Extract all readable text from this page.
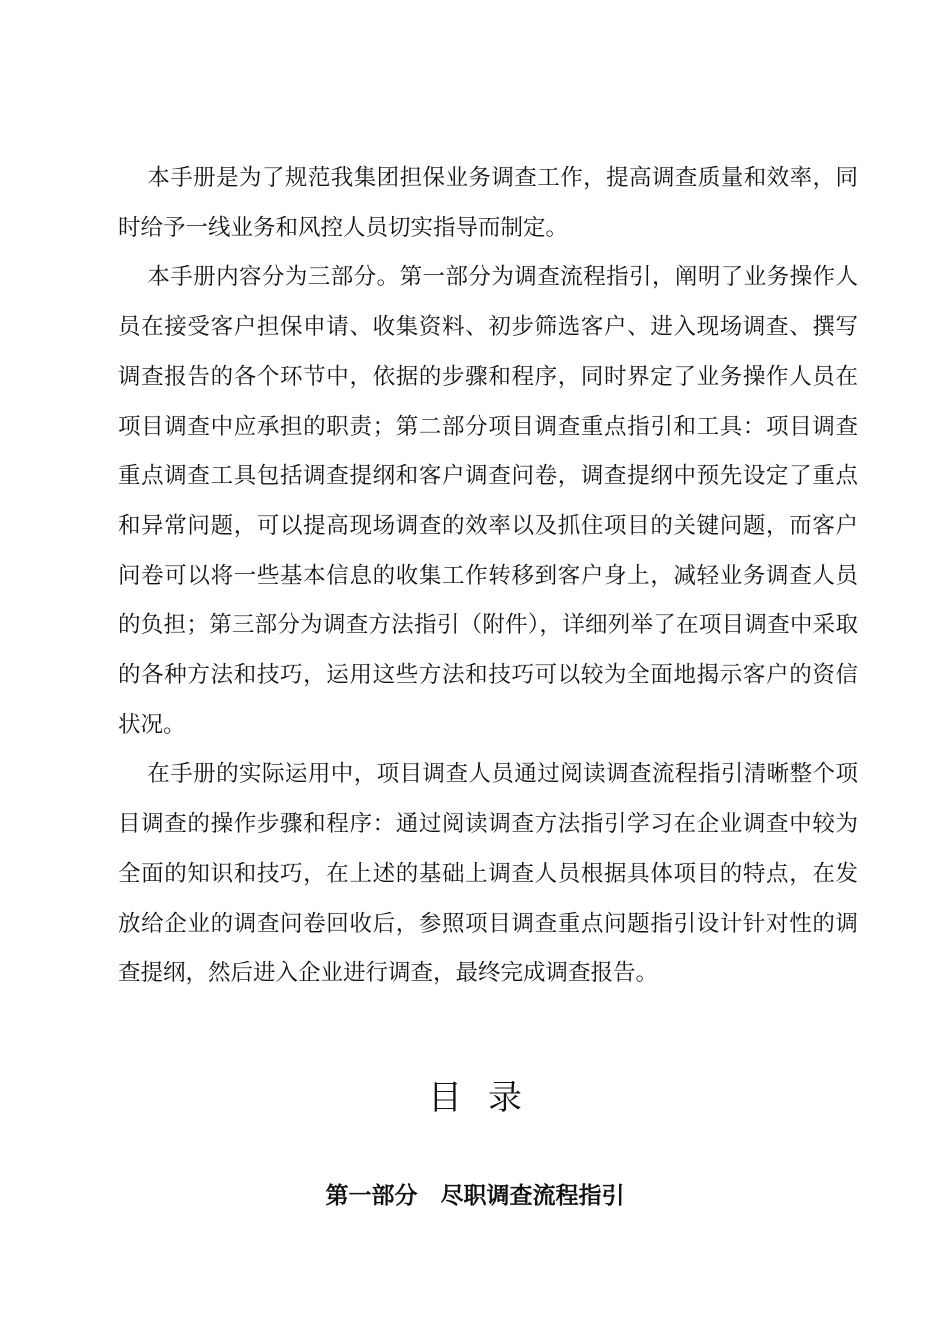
本手册是为了规范我集团担保业务调查工作，提高调查质量和效率，同时给予一线业务和风控人员切实指导而制定。

本手册内容分为三部分。第一部分为调查流程指引，阐明了业务操作人员在接受客户担保申请、收集资料、初步筛选客户、进入现场调查、撰写调查报告的各个环节中，依据的步骤和程序，同时界定了业务操作人员在项目调查中应承担的职责；第二部分项目调查重点指引和工具：项目调查重点调查工具包括调查提纲和客户调查问卷，调查提纲中预先设定了重点和异常问题，可以提高现场调查的效率以及抓住项目的关键问题，而客户问卷可以将一些基本信息的收集工作转移到客户身上，减轻业务调查人员的负担；第三部分为调查方法指引（附件），详细列举了在项目调查中采取的各种方法和技巧，运用这些方法和技巧可以较为全面地揭示客户的资信状况。

在手册的实际运用中，项目调查人员通过阅读调查流程指引清晰整个项目调查的操作步骤和程序：通过阅读调查方法指引学习在企业调查中较为全面的知识和技巧，在上述的基础上调查人员根据具体项目的特点，在发放给企业的调查问卷回收后，参照项目调查重点问题指引设计针对性的调查提纲，然后进入企业进行调查，最终完成调查报告。

目录
第一部分　尽职调查流程指引
